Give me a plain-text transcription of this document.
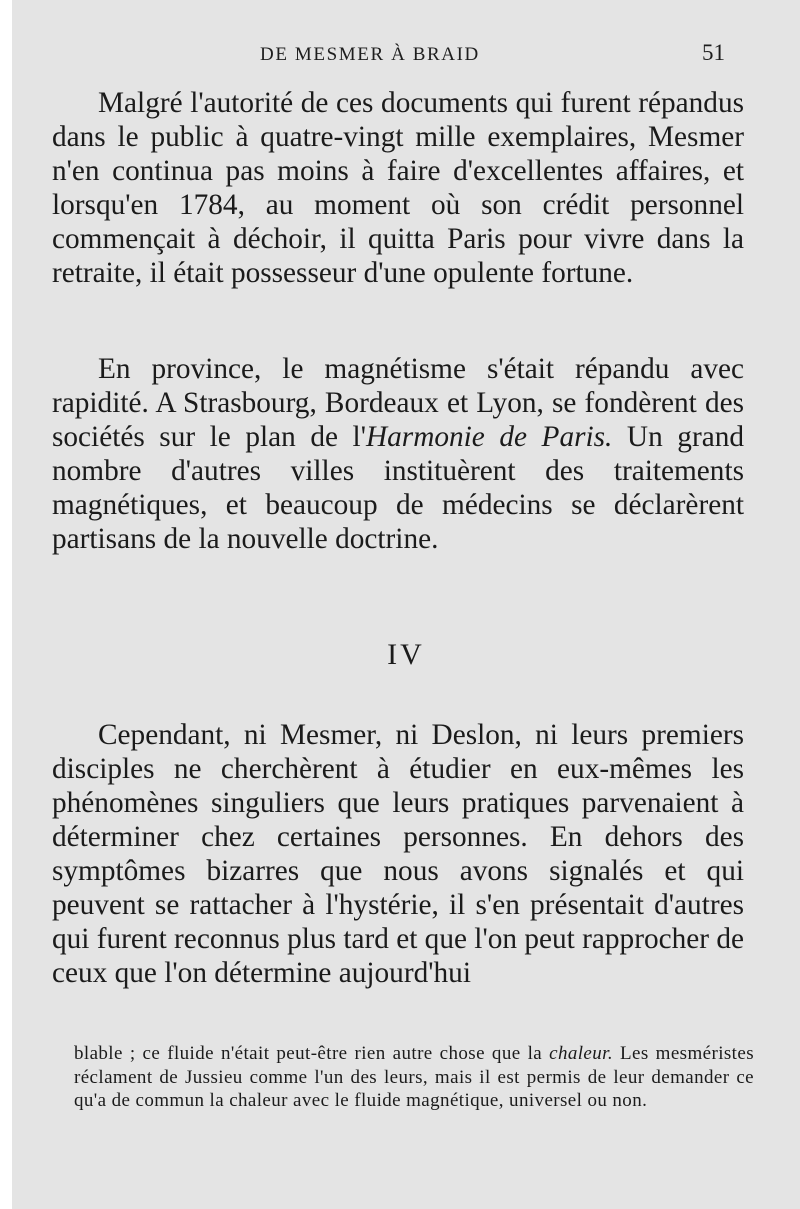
DE MESMER À BRAID	51

Malgré l'autorité de ces documents qui furent répandus dans le public à quatre-vingt mille exemplaires, Mesmer n'en continua pas moins à faire d'excellentes affaires, et lorsqu'en 1784, au moment où son crédit personnel commençait à déchoir, il quitta Paris pour vivre dans la retraite, il était possesseur d'une opulente fortune.

En province, le magnétisme s'était répandu avec rapidité. A Strasbourg, Bordeaux et Lyon, se fondèrent des sociétés sur le plan de l'Harmonie de Paris. Un grand nombre d'autres villes instituèrent des traitements magnétiques, et beaucoup de médecins se déclarèrent partisans de la nouvelle doctrine.

IV

Cependant, ni Mesmer, ni Deslon, ni leurs premiers disciples ne cherchèrent à étudier en eux-mêmes les phénomènes singuliers que leurs pratiques parvenaient à déterminer chez certaines personnes. En dehors des symptômes bizarres que nous avons signalés et qui peuvent se rattacher à l'hystérie, il s'en présentait d'autres qui furent reconnus plus tard et que l'on peut rapprocher de ceux que l'on détermine aujourd'hui

blable ; ce fluide n'était peut-être rien autre chose que la chaleur. Les mesméristes réclament de Jussieu comme l'un des leurs, mais il est permis de leur demander ce qu'a de commun la chaleur avec le fluide magnétique, universel ou non.
